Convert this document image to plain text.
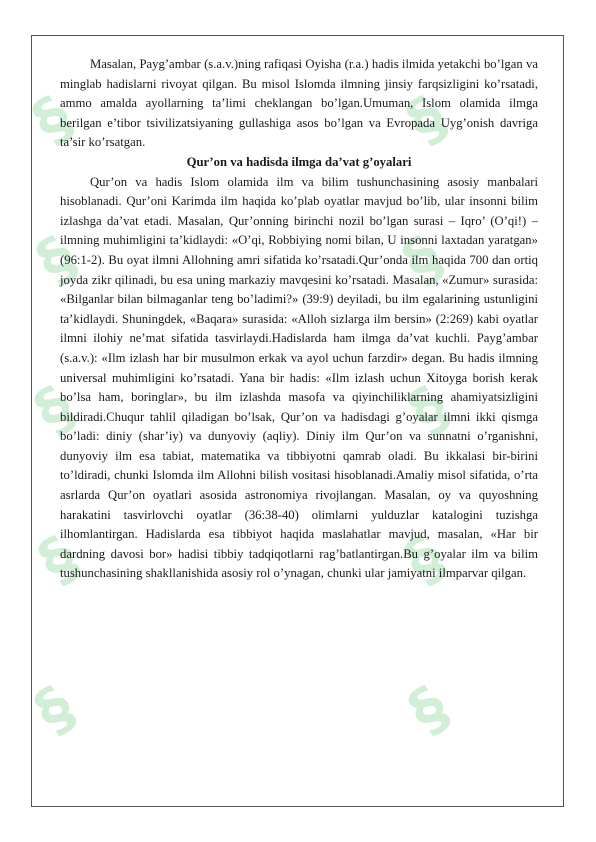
§
§
§
§
§
§
§
§
§
§

Masalan, Payg’ambar (s.a.v.)ning rafiqasi Oyisha (r.a.) hadis ilmida yetakchi bo’lgan va minglab hadislarni rivoyat qilgan. Bu misol Islomda ilmning jinsiy farqsizligini ko’rsatadi, ammo amalda ayollarning ta’limi cheklangan bo’lgan.Umuman, Islom olamida ilmga berilgan e’tibor tsivilizatsiyaning gullashiga asos bo’lgan va Evropada Uyg’onish davriga ta’sir ko’rsatgan.

Qur’on va hadisda ilmga da’vat g’oyalari

Qur’on va hadis Islom olamida ilm va bilim tushunchasining asosiy manbalari hisoblanadi. Qur’oni Karimda ilm haqida ko’plab oyatlar mavjud bo’lib, ular insonni bilim izlashga da’vat etadi. Masalan, Qur’onning birinchi nozil bo’lgan surasi – Iqro’ (O’qi!) – ilmning muhimligini ta’kidlaydi: «O’qi, Robbiying nomi bilan, U insonni laxtadan yaratgan» (96:1-2). Bu oyat ilmni Allohning amri sifatida ko’rsatadi.Qur’onda ilm haqida 700 dan ortiq joyda zikr qilinadi, bu esa uning markaziy mavqesini ko’rsatadi. Masalan, «Zumur» surasida: «Bilganlar bilan bilmaganlar teng bo’ladimi?» (39:9) deyiladi, bu ilm egalarining ustunligini ta’kidlaydi. Shuningdek, «Baqara» surasida: «Alloh sizlarga ilm bersin» (2:269) kabi oyatlar ilmni ilohiy ne’mat sifatida tasvirlaydi.Hadislarda ham ilmga da’vat kuchli. Payg’ambar (s.a.v.): «Ilm izlash har bir musulmon erkak va ayol uchun farzdir» degan. Bu hadis ilmning universal muhimligini ko’rsatadi. Yana bir hadis: «Ilm izlash uchun Xitoyga borish kerak bo’lsa ham, boringlar», bu ilm izlashda masofa va qiyinchiliklarning ahamiyatsizligini bildiradi.Chuqur tahlil qiladigan bo’lsak, Qur’on va hadisdagi g’oyalar ilmni ikki qismga bo’ladi: diniy (shar’iy) va dunyoviy (aqliy). Diniy ilm Qur’on va sunnatni o’rganishni, dunyoviy ilm esa tabiat, matematika va tibbiyotni qamrab oladi. Bu ikkalasi bir-birini to’ldiradi, chunki Islomda ilm Allohni bilish vositasi hisoblanadi.Amaliy misol sifatida, o’rta asrlarda Qur’on oyatlari asosida astronomiya rivojlangan. Masalan, oy va quyoshning harakatini tasvirlovchi oyatlar (36:38-40) olimlarni yulduzlar katalogini tuzishga ilhomlantirgan. Hadislarda esa tibbiyot haqida maslahatlar mavjud, masalan, «Har bir dardning davosi bor» hadisi tibbiy tadqiqotlarni rag’batlantirgan.Bu g’oyalar ilm va bilim tushunchasining shakllanishida asosiy rol o’ynagan, chunki ular jamiyatni ilmparvar qilgan.
